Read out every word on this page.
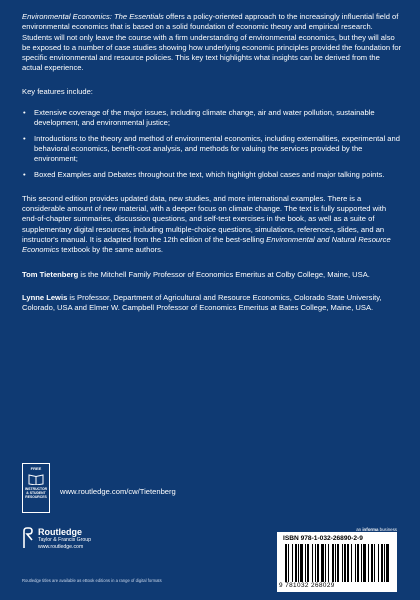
Environmental Economics: The Essentials offers a policy-oriented approach to the increasingly influential field of environmental economics that is based on a solid foundation of economic theory and empirical research. Students will not only leave the course with a firm understanding of environmental economics, but they will also be exposed to a number of case studies showing how underlying economic principles provided the foundation for specific environmental and resource policies. This key text highlights what insights can be derived from the actual experience.

Key features include:

• Extensive coverage of the major issues, including climate change, air and water pollution, sustainable development, and environmental justice;
• Introductions to the theory and method of environmental economics, including externalities, experimental and behavioral economics, benefit-cost analysis, and methods for valuing the services provided by the environment;
• Boxed Examples and Debates throughout the text, which highlight global cases and major talking points.

This second edition provides updated data, new studies, and more international examples. There is a considerable amount of new material, with a deeper focus on climate change. The text is fully supported with end-of-chapter summaries, discussion questions, and self-test exercises in the book, as well as a suite of supplementary digital resources, including multiple-choice questions, simulations, references, slides, and an instructor's manual. It is adapted from the 12th edition of the best-selling Environmental and Natural Resource Economics textbook by the same authors.

Tom Tietenberg is the Mitchell Family Professor of Economics Emeritus at Colby College, Maine, USA.

Lynne Lewis is Professor, Department of Agricultural and Resource Economics, Colorado State University, Colorado, USA and Elmer W. Campbell Professor of Economics Emeritus at Bates College, Maine, USA.

FREE
INSTRUCTOR
& STUDENT
RESOURCES
www.routledge.com/cw/Tietenberg
Routledge
Taylor & Francis Group
www.routledge.com
Routledge titles are available as eBook editions in a range of digital formats
an informa business
ISBN 978-1-032-26890-2-9
9 781032 268029
